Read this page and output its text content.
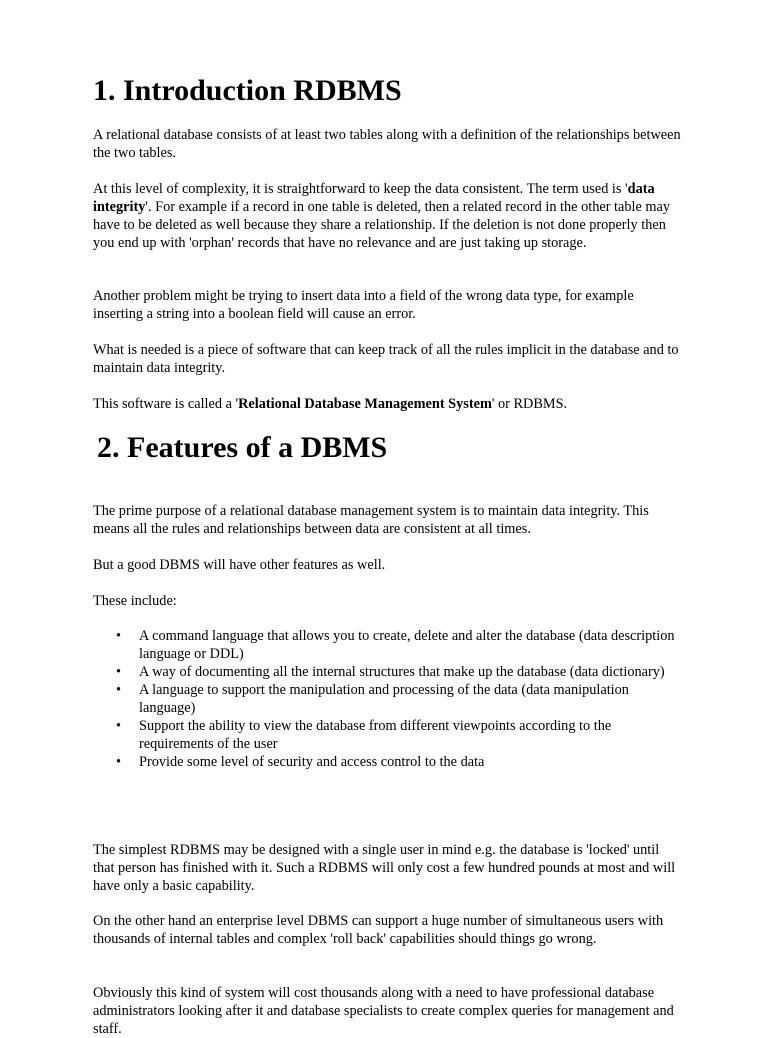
1. Introduction RDBMS

A relational database consists of at least two tables along with a definition of the relationships between the two tables.

At this level of complexity, it is straightforward to keep the data consistent. The term used is 'data integrity'. For example if a record in one table is deleted, then a related record in the other table may have to be deleted as well because they share a relationship. If the deletion is not done properly then you end up with 'orphan' records that have no relevance and are just taking up storage.

Another problem might be trying to insert data into a field of the wrong data type, for example inserting a string into a boolean field will cause an error.

What is needed is a piece of software that can keep track of all the rules implicit in the database and to maintain data integrity.

This software is called a 'Relational Database Management System' or RDBMS.

2. Features of a DBMS

The prime purpose of a relational database management system is to maintain data integrity. This means all the rules and relationships between data are consistent at all times.

But a good DBMS will have other features as well.

These include:

• A command language that allows you to create, delete and alter the database (data description language or DDL)
• A way of documenting all the internal structures that make up the database (data dictionary)
• A language to support the manipulation and processing of the data (data manipulation language)
• Support the ability to view the database from different viewpoints according to the requirements of the user
• Provide some level of security and access control to the data

The simplest RDBMS may be designed with a single user in mind e.g. the database is 'locked' until that person has finished with it. Such a RDBMS will only cost a few hundred pounds at most and will have only a basic capability.

On the other hand an enterprise level DBMS can support a huge number of simultaneous users with thousands of internal tables and complex 'roll back' capabilities should things go wrong.

Obviously this kind of system will cost thousands along with a need to have professional database administrators looking after it and database specialists to create complex queries for management and staff.
